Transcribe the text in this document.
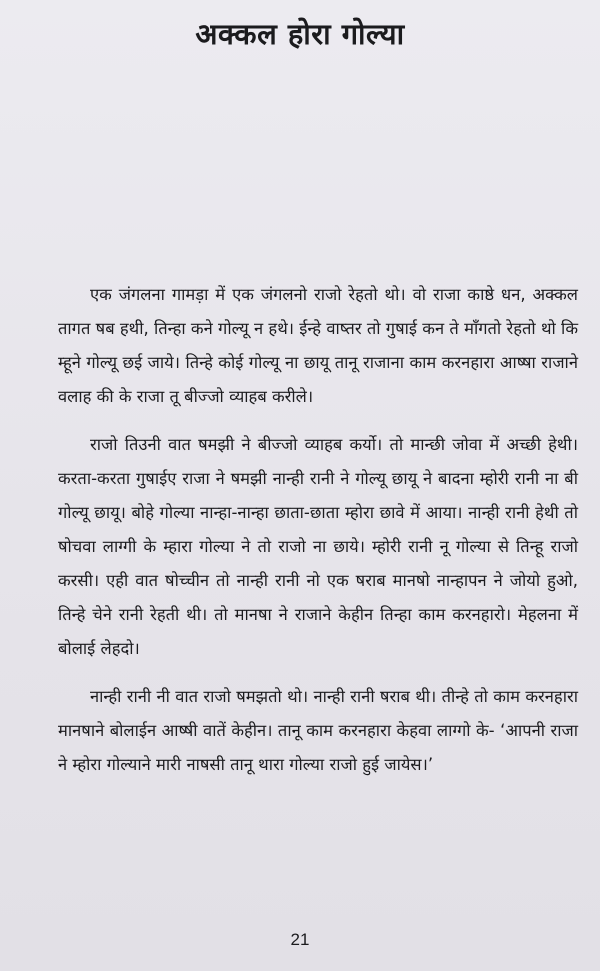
अक्कल होरा गोल्या

एक जंगलना गामड़ा में एक जंगलनो राजो रेहतो थो। वो राजा काष्ठे धन, अक्कल तागत षब हथी, तिन्हा कने गोल्यू न हथे। ईन्हे वाष्तर तो गुषाई कन ते माँगतो रेहतो थो कि म्हूने गोल्यू छई जाये। तिन्हे कोई गोल्यू ना छायू तानू राजाना काम करनहारा आष्षा राजाने वलाह की के राजा तू बीज्जो व्याहब करीले।

राजो तिउनी वात षमझी ने बीज्जो व्याहब कर्यो। तो मान्छी जोवा में अच्छी हेथी। करता-करता गुषाईए राजा ने षमझी नान्ही रानी ने गोल्यू छायू ने बादना म्होरी रानी ना बी गोल्यू छायू। बोहे गोल्या नान्हा-नान्हा छाता-छाता म्होरा छावे में आया। नान्ही रानी हेथी तो षोचवा लाग्गी के म्हारा गोल्या ने तो राजो ना छाये। म्होरी रानी नू गोल्या से तिन्हू राजो करसी। एही वात षोच्चीन तो नान्ही रानी नो एक षराब मानषो नान्हापन ने जोयो हुओ, तिन्हे चेने रानी रेहती थी। तो मानषा ने राजाने केहीन तिन्हा काम करनहारो। मेहलना में बोलाई लेहदो।

नान्ही रानी नी वात राजो षमझतो थो। नान्ही रानी षराब थी। तीन्हे तो काम करनहारा मानषाने बोलाईन आष्षी वातें केहीन। तानू काम करनहारा केहवा लाग्गो के- ‘आपनी राजा ने म्होरा गोल्याने मारी नाषसी तानू थारा गोल्या राजो हुई जायेस।’

21
